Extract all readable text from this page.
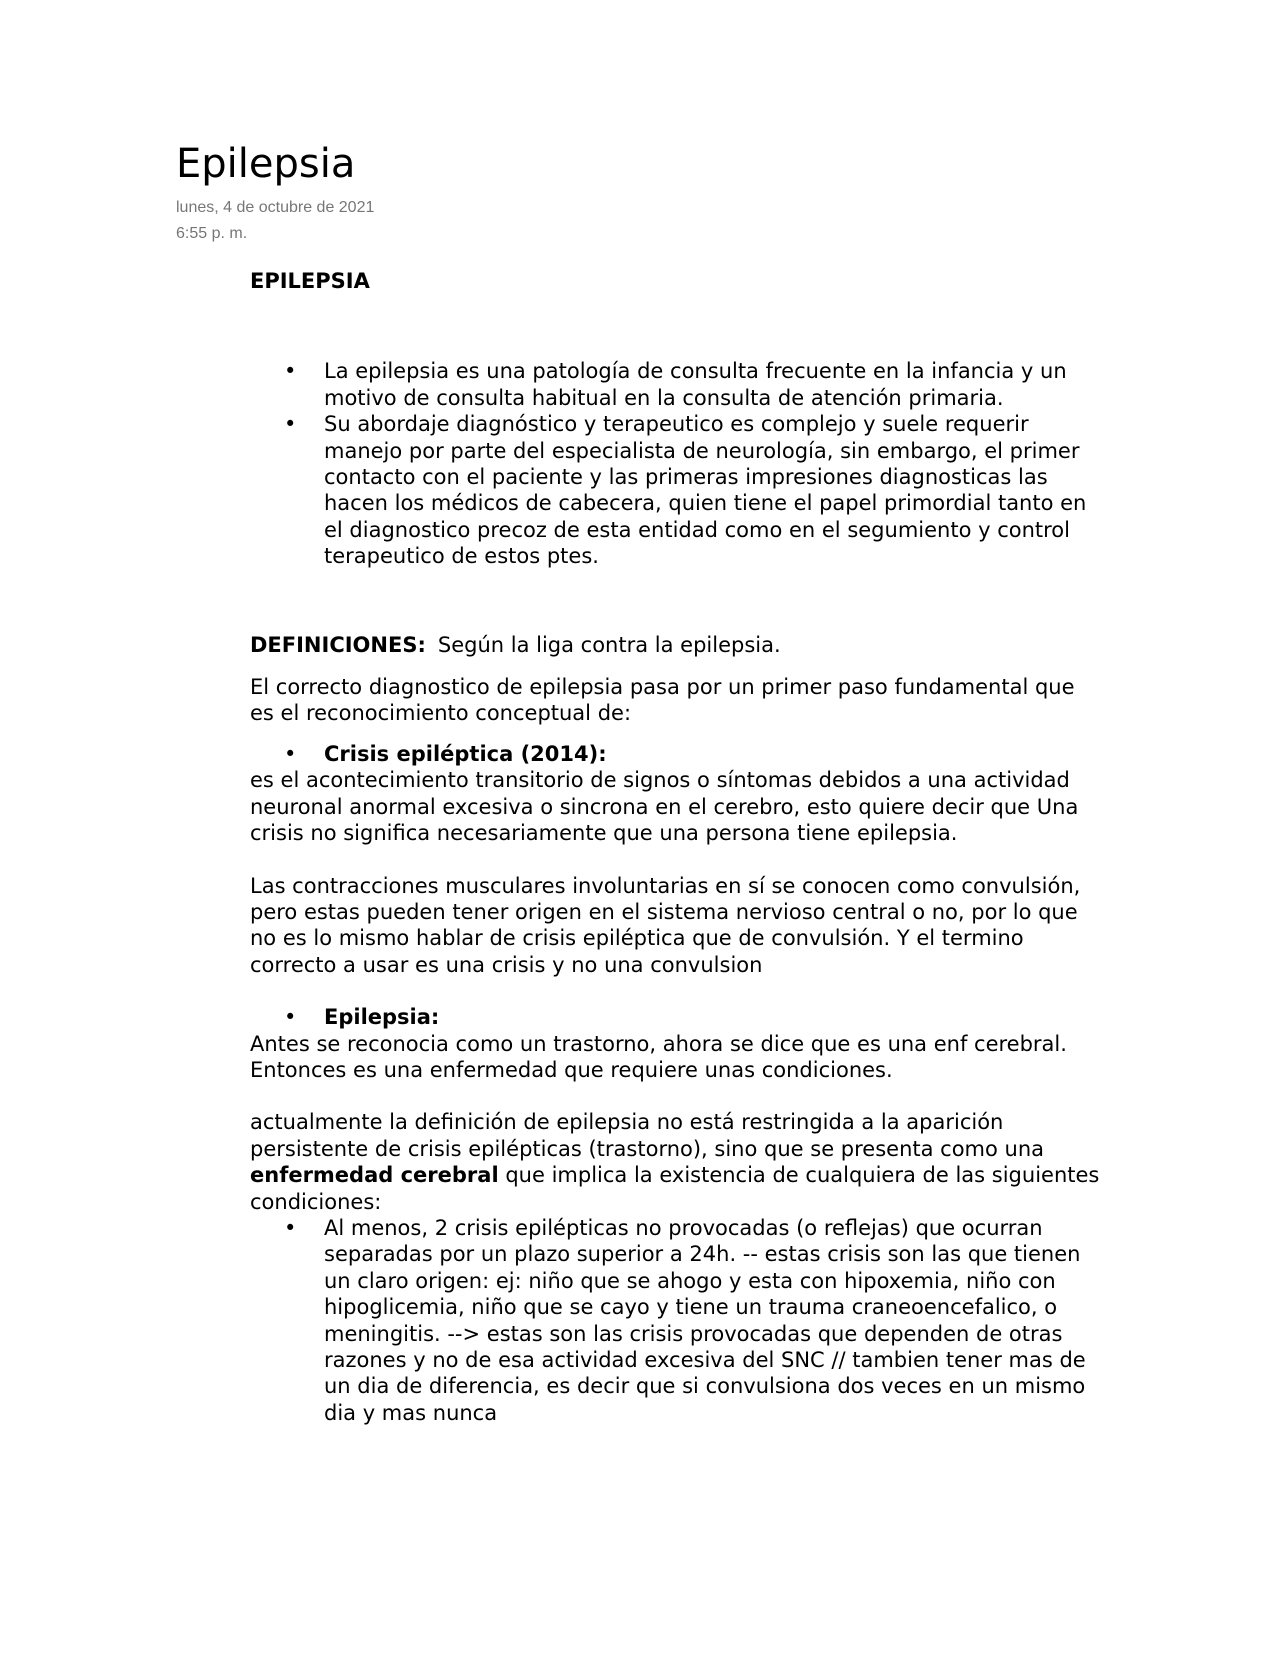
Epilepsia
lunes, 4 de octubre de 2021
6:55 p. m.

EPILEPSIA

• La epilepsia es una patología de consulta frecuente en la infancia y un motivo de consulta habitual en la consulta de atención primaria.
• Su abordaje diagnóstico y terapeutico es complejo y suele requerir manejo por parte del especialista de neurología, sin embargo, el primer contacto con el paciente y las primeras impresiones diagnosticas las hacen los médicos de cabecera, quien tiene el papel primordial tanto en el diagnostico precoz de esta entidad como en el segumiento y control terapeutico de estos ptes.

DEFINICIONES: Según la liga contra la epilepsia.

El correcto diagnostico de epilepsia pasa por un primer paso fundamental que es el reconocimiento conceptual de:

• Crisis epiléptica (2014):

es el acontecimiento transitorio de signos o síntomas debidos a una actividad neuronal anormal excesiva o sincrona en el cerebro, esto quiere decir que Una crisis no significa necesariamente que una persona tiene epilepsia.

Las contracciones musculares involuntarias en sí se conocen como convulsión, pero estas pueden tener origen en el sistema nervioso central o no, por lo que no es lo mismo hablar de crisis epiléptica que de convulsión. Y el termino correcto a usar es una crisis y no una convulsion

• Epilepsia:

Antes se reconocia como un trastorno, ahora se dice que es una enf cerebral. Entonces es una enfermedad que requiere unas condiciones.

actualmente la definición de epilepsia no está restringida a la aparición persistente de crisis epilépticas (trastorno), sino que se presenta como una enfermedad cerebral que implica la existencia de cualquiera de las siguientes condiciones:

• Al menos, 2 crisis epilépticas no provocadas (o reflejas) que ocurran separadas por un plazo superior a 24h. -- estas crisis son las que tienen un claro origen: ej: niño que se ahogo y esta con hipoxemia, niño con hipoglicemia, niño que se cayo y tiene un trauma craneoencefalico, o meningitis. --> estas son las crisis provocadas que dependen de otras razones y no de esa actividad excesiva del SNC // tambien tener mas de un dia de diferencia, es decir que si convulsiona dos veces en un mismo dia y mas nunca
